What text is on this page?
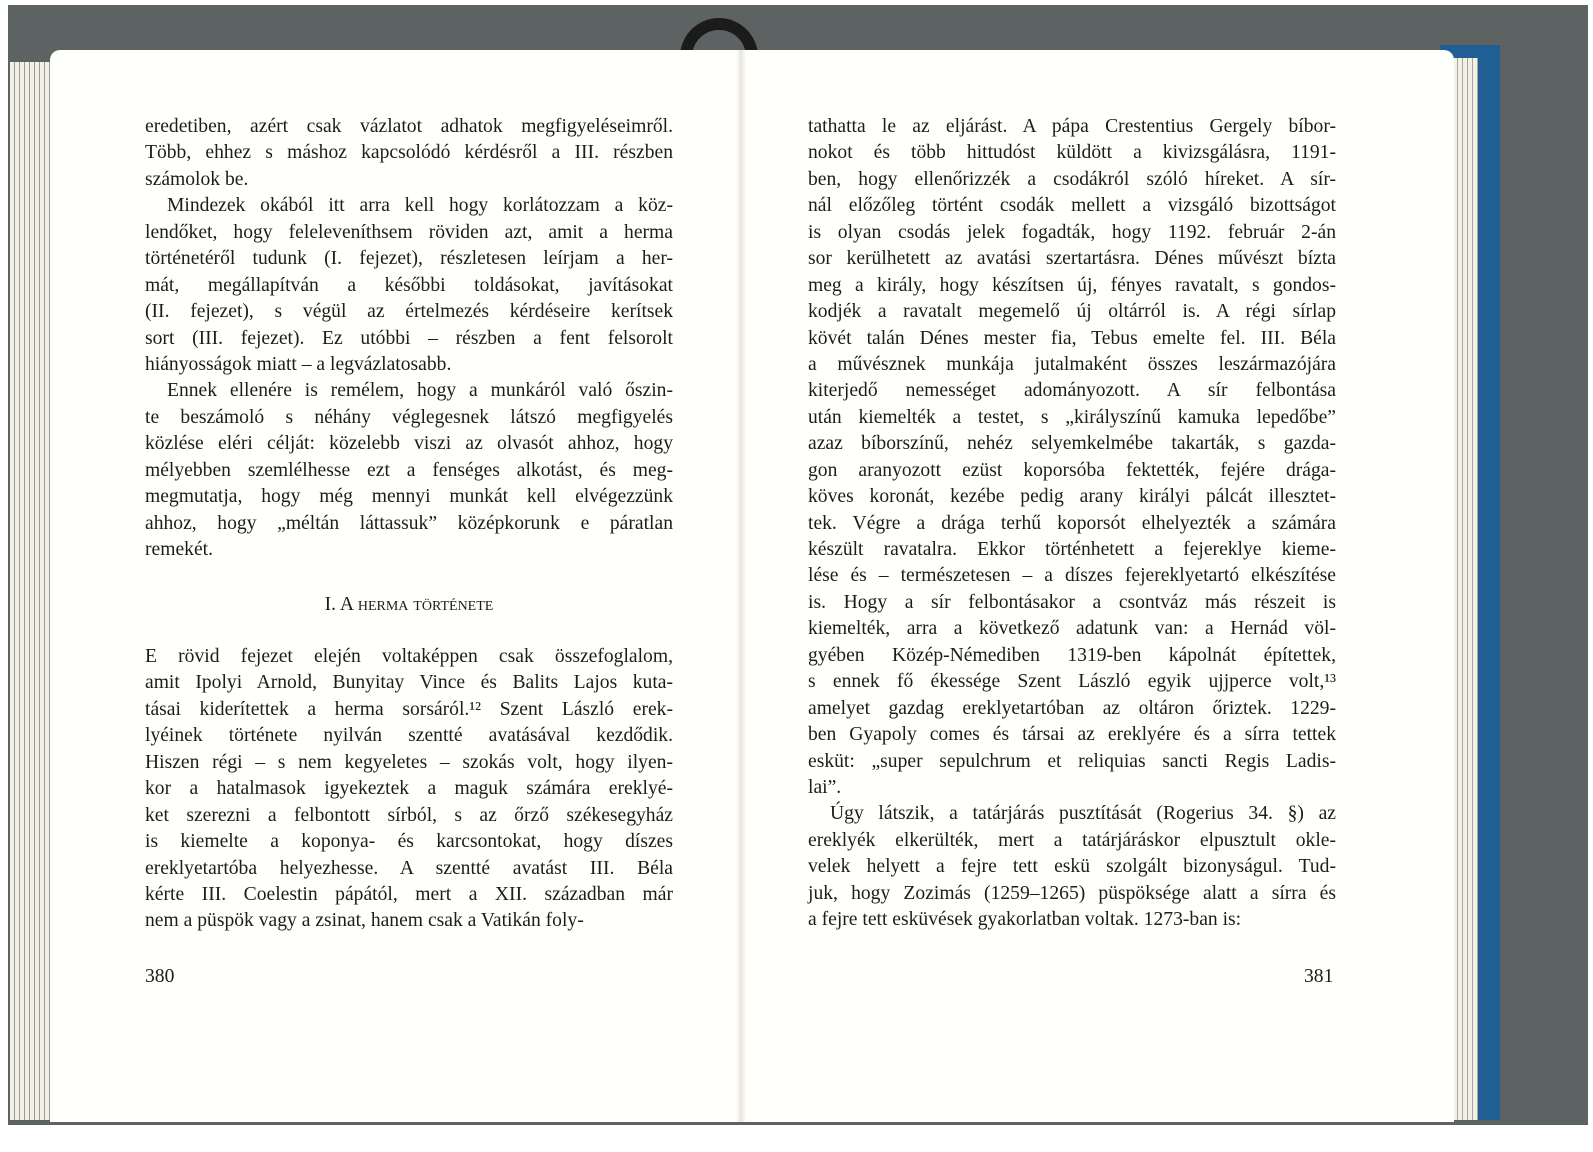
eredetiben, azért csak vázlatot adhatok megfigyeléseimről.
Több, ehhez s máshoz kapcsolódó kérdésről a III. részben
számolok be.
Mindezek okából itt arra kell hogy korlátozzam a köz-
lendőket, hogy feleleveníthsem röviden azt, amit a herma
történetéről tudunk (I. fejezet), részletesen leírjam a her-
mát, megállapítván a későbbi toldásokat, javításokat
(II. fejezet), s végül az értelmezés kérdéseire kerítsek
sort (III. fejezet). Ez utóbbi – részben a fent felsorolt
hiányosságok miatt – a legvázlatosabb.
Ennek ellenére is remélem, hogy a munkáról való őszin-
te beszámoló s néhány véglegesnek látszó megfigyelés
közlése eléri célját: közelebb viszi az olvasót ahhoz, hogy
mélyebben szemlélhesse ezt a fenséges alkotást, és meg-
megmutatja, hogy még mennyi munkát kell elvégezzünk
ahhoz, hogy „méltán láttassuk” középkorunk e páratlan
remekét.
I. A herma története
E rövid fejezet elején voltaképpen csak összefoglalom,
amit Ipolyi Arnold, Bunyitay Vince és Balits Lajos kuta-
tásai kiderítettek a herma sorsáról.¹² Szent László erek-
lyéinek története nyilván szentté avatásával kezdődik.
Hiszen régi – s nem kegyeletes – szokás volt, hogy ilyen-
kor a hatalmasok igyekeztek a maguk számára ereklyé-
ket szerezni a felbontott sírból, s az őrző székesegyház
is kiemelte a koponya- és karcsontokat, hogy díszes
ereklyetartóba helyezhesse. A szentté avatást III. Béla
kérte III. Coelestin pápától, mert a XII. században már
nem a püspök vagy a zsinat, hanem csak a Vatikán foly-
380
tathatta le az eljárást. A pápa Crestentius Gergely bíbor-
nokot és több hittudóst küldött a kivizsgálásra, 1191-
ben, hogy ellenőrizzék a csodákról szóló híreket. A sír-
nál előzőleg történt csodák mellett a vizsgáló bizottságot
is olyan csodás jelek fogadták, hogy 1192. február 2-án
sor kerülhetett az avatási szertartásra. Dénes művészt bízta
meg a király, hogy készítsen új, fényes ravatalt, s gondos-
kodjék a ravatalt megemelő új oltárról is. A régi sírlap
kövét talán Dénes mester fia, Tebus emelte fel. III. Béla
a művésznek munkája jutalmaként összes leszármazójára
kiterjedő nemességet adományozott. A sír felbontása
után kiemelték a testet, s „királyszínű kamuka lepedőbe”
azaz bíborszínű, nehéz selyemkelmébe takarták, s gazda-
gon aranyozott ezüst koporsóba fektették, fejére drága-
köves koronát, kezébe pedig arany királyi pálcát illesztet-
tek. Végre a drága terhű koporsót elhelyezték a számára
készült ravatalra. Ekkor történhetett a fejereklye kieme-
lése és – természetesen – a díszes fejereklyetartó elkészítése
is. Hogy a sír felbontásakor a csontváz más részeit is
kiemelték, arra a következő adatunk van: a Hernád völ-
gyében Közép-Némediben 1319-ben kápolnát építettek,
s ennek fő ékessége Szent László egyik ujjperce volt,¹³
amelyet gazdag ereklyetartóban az oltáron őriztek. 1229-
ben Gyapoly comes és társai az ereklyére és a sírra tettek
esküt: „super sepulchrum et reliquias sancti Regis Ladis-
lai”.
Úgy látszik, a tatárjárás pusztítását (Rogerius 34. §) az
ereklyék elkerülték, mert a tatárjáráskor elpusztult okle-
velek helyett a fejre tett eskü szolgált bizonyságul. Tud-
juk, hogy Zozimás (1259–1265) püspöksége alatt a sírra és
a fejre tett esküvések gyakorlatban voltak. 1273-ban is:
381
